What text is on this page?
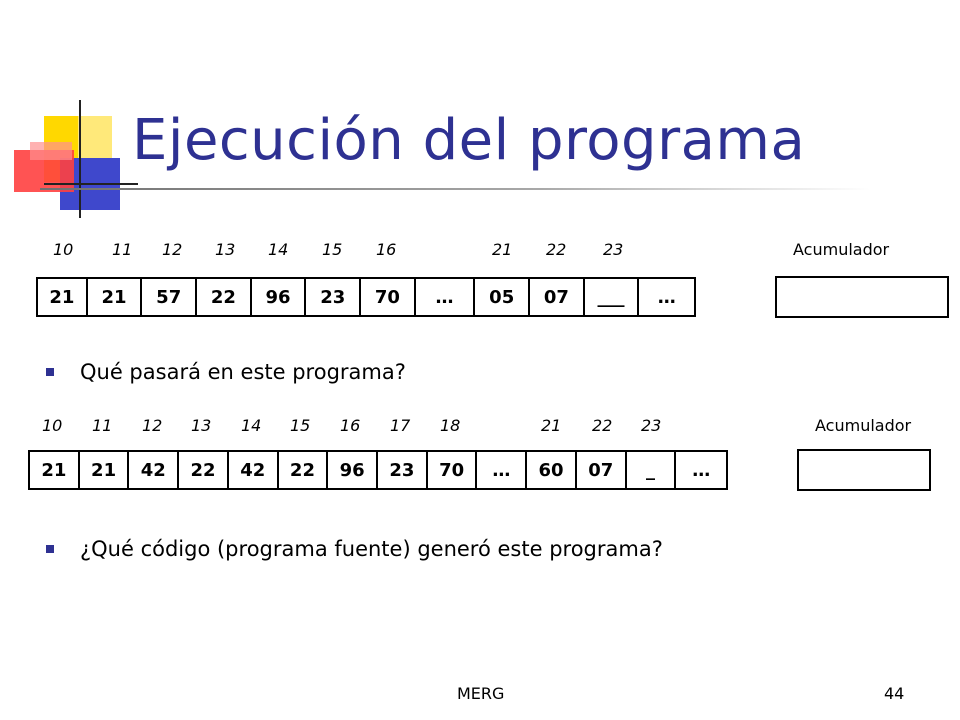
Ejecución del programa
10 11 12 13 14 15 16	21 22 23	Acumulador
21	21	57	22	96	23	70	…	05	07	___	…
Qué pasará en este programa?
10 11 12 13 14 15 16 17 18	21 22 23	Acumulador
21	21	42	22	42	22	96	23	70	…	60	07	_	…
¿Qué código (programa fuente) generó este programa?
MERG	44
